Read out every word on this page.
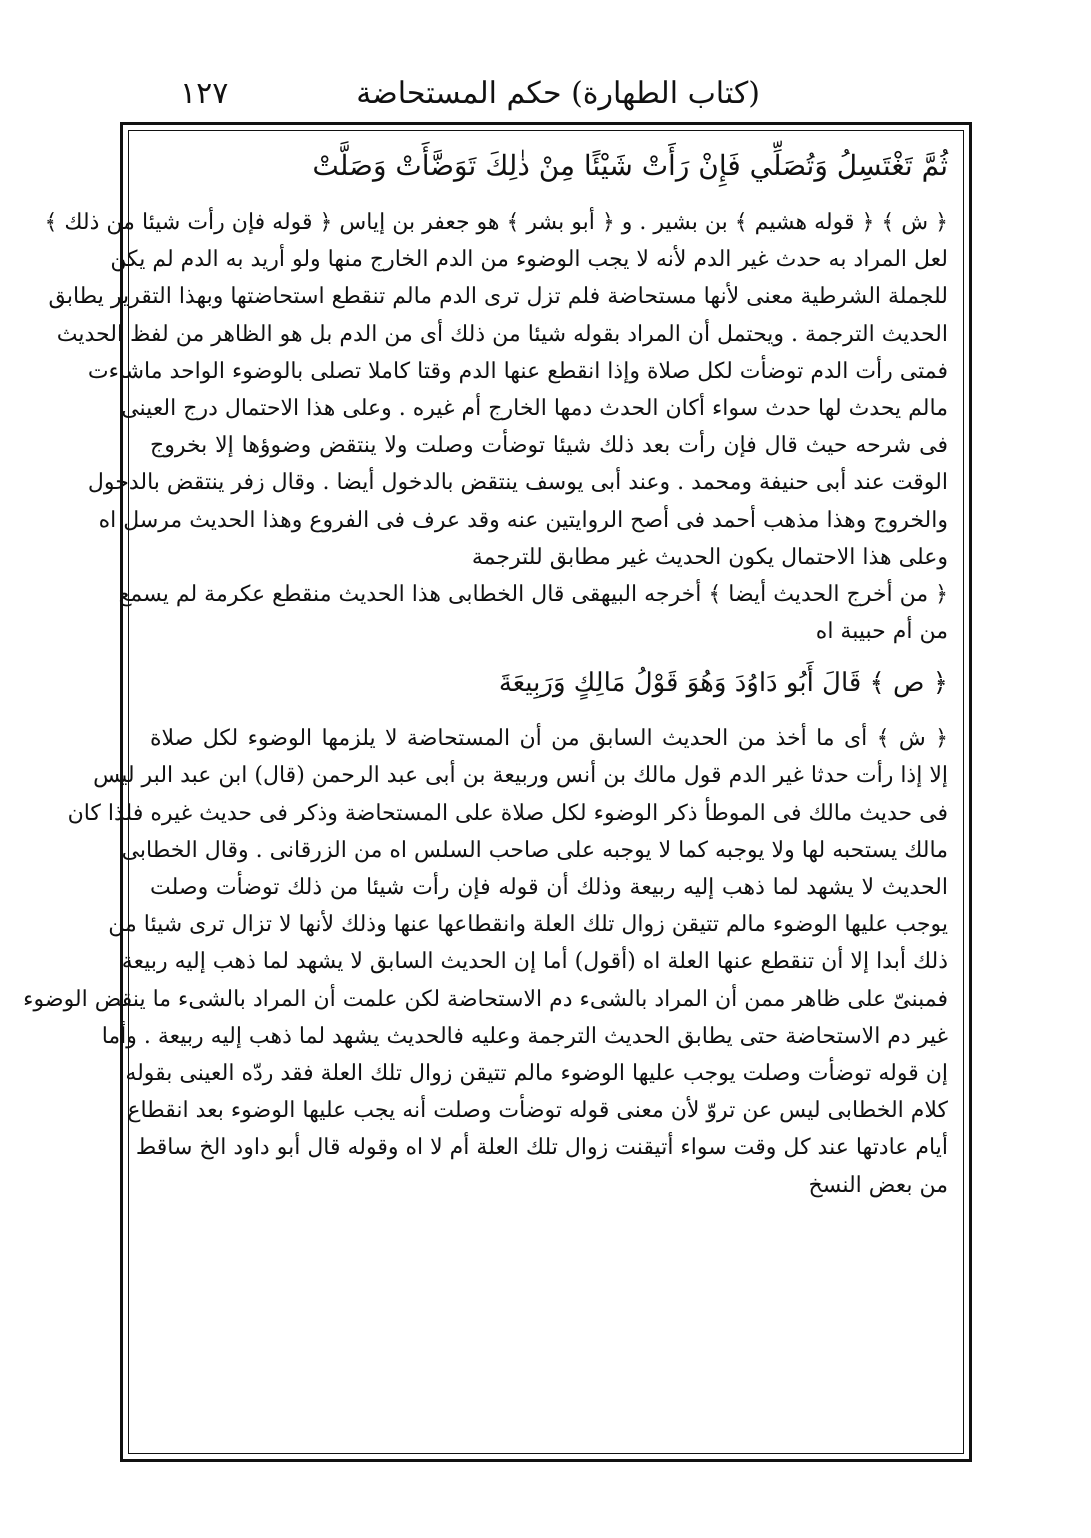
١٢٧	(كتاب الطهارة) حكم المستحاضة
ثُمَّ تَغْتَسِلُ وَتُصَلِّي فَإِنْ رَأَتْ شَيْئًا مِنْ ذٰلِكَ تَوَضَّأَتْ وَصَلَّتْ
﴿ ش ﴾ ﴿ قوله هشيم ﴾ بن بشير . و ﴿ أبو بشر ﴾ هو جعفر بن إياس ﴿ قوله فإن رأت شيئا من ذلك ﴾
لعل المراد به حدث غير الدم لأنه لا يجب الوضوء من الدم الخارج منها ولو أريد به الدم لم يكن
للجملة الشرطية معنى لأنها مستحاضة فلم تزل ترى الدم مالم تنقطع استحاضتها وبهذا التقرير يطابق
الحديث الترجمة . ويحتمل أن المراد بقوله شيئا من ذلك أى من الدم بل هو الظاهر من لفظ الحديث
فمتى رأت الدم توضأت لكل صلاة وإذا انقطع عنها الدم وقتا كاملا تصلى بالوضوء الواحد ماشاءت
مالم يحدث لها حدث سواء أكان الحدث دمها الخارج أم غيره . وعلى هذا الاحتمال درج العينى
فى شرحه حيث قال فإن رأت بعد ذلك شيئا توضأت وصلت ولا ينتقض وضوؤها إلا بخروج
الوقت عند أبى حنيفة ومحمد . وعند أبى يوسف ينتقض بالدخول أيضا . وقال زفر ينتقض بالدخول
والخروج وهذا مذهب أحمد فى أصح الروايتين عنه وقد عرف فى الفروع وهذا الحديث مرسل اه
وعلى هذا الاحتمال يكون الحديث غير مطابق للترجمة
﴿ من أخرج الحديث أيضا ﴾ أخرجه البيهقى قال الخطابى هذا الحديث منقطع عكرمة لم يسمع
من أم حبيبة اه
﴿ ص ﴾ قَالَ أَبُو دَاوُدَ وَهُوَ قَوْلُ مَالِكٍ وَرَبِيعَةَ
﴿ ش ﴾ أى ما أخذ من الحديث السابق من أن المستحاضة لا يلزمها الوضوء لكل صلاة
إلا إذا رأت حدثا غير الدم قول مالك بن أنس وربيعة بن أبى عبد الرحمن (قال) ابن عبد البر ليس
فى حديث مالك فى الموطأ ذكر الوضوء لكل صلاة على المستحاضة وذكر فى حديث غيره فلذا كان
مالك يستحبه لها ولا يوجبه كما لا يوجبه على صاحب السلس اه من الزرقانى . وقال الخطابى
الحديث لا يشهد لما ذهب إليه ربيعة وذلك أن قوله فإن رأت شيئا من ذلك توضأت وصلت
يوجب عليها الوضوء مالم تتيقن زوال تلك العلة وانقطاعها عنها وذلك لأنها لا تزال ترى شيئا من
ذلك أبدا إلا أن تنقطع عنها العلة اه (أقول) أما إن الحديث السابق لا يشهد لما ذهب إليه ربيعة
فمبنىّ على ظاهر ممن أن المراد بالشىء دم الاستحاضة لكن علمت أن المراد بالشىء ما ينقض الوضوء
غير دم الاستحاضة حتى يطابق الحديث الترجمة وعليه فالحديث يشهد لما ذهب إليه ربيعة . وأما
إن قوله توضأت وصلت يوجب عليها الوضوء مالم تتيقن زوال تلك العلة فقد ردّه العينى بقوله
كلام الخطابى ليس عن تروّ لأن معنى قوله توضأت وصلت أنه يجب عليها الوضوء بعد انقطاع
أيام عادتها عند كل وقت سواء أتيقنت زوال تلك العلة أم لا اه وقوله قال أبو داود الخ ساقط
من بعض النسخ
